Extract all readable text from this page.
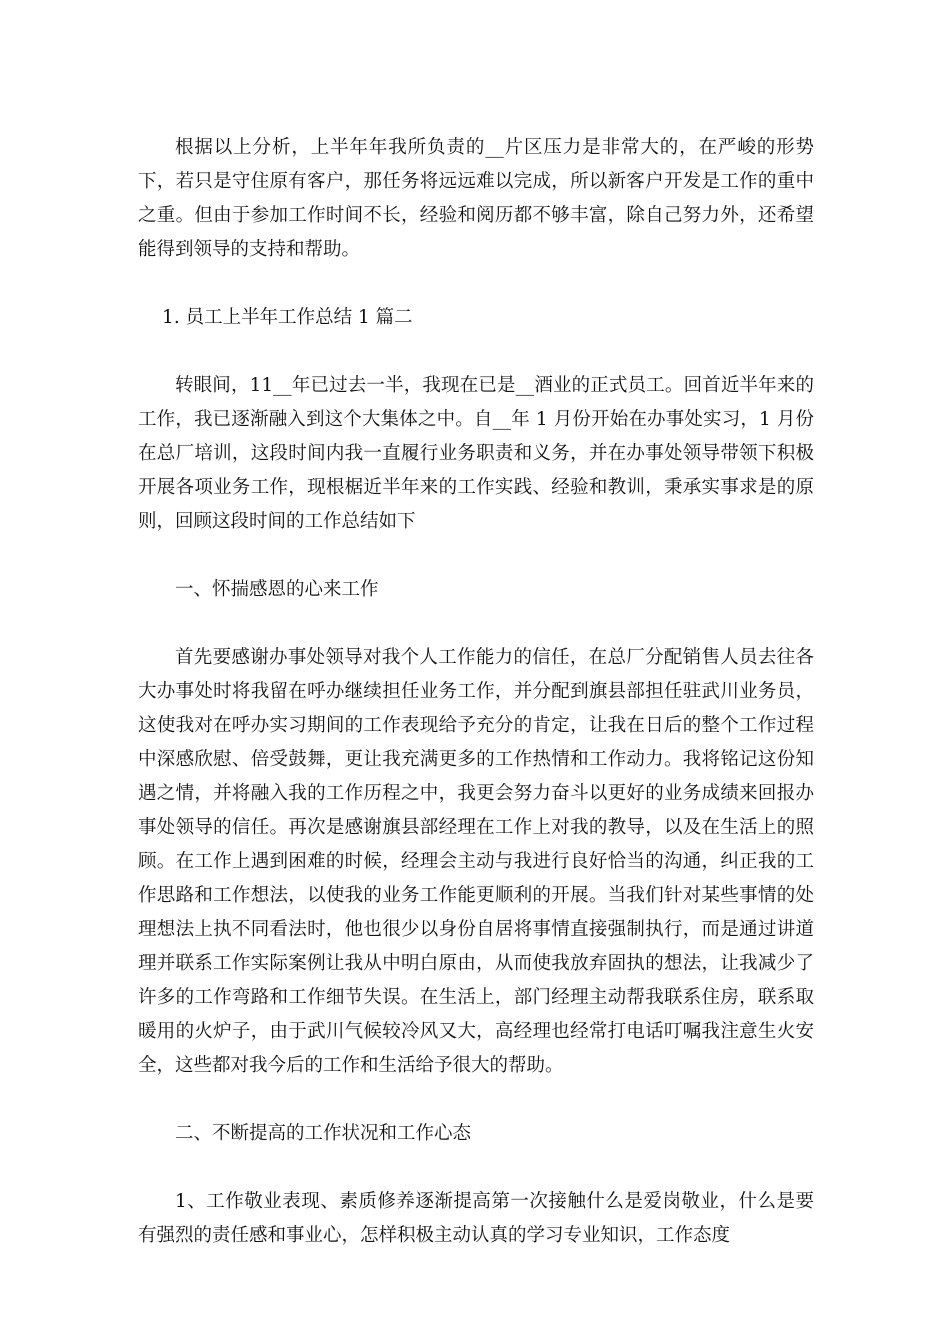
根据以上分析，上半年年我所负责的__片区压力是非常大的，在严峻的形势下，若只是守住原有客户，那任务将远远难以完成，所以新客户开发是工作的重中之重。但由于参加工作时间不长，经验和阅历都不够丰富，除自己努力外，还希望能得到领导的支持和帮助。

1. 员工上半年工作总结 1 篇二

转眼间，11__年已过去一半，我现在已是__酒业的正式员工。回首近半年来的工作，我已逐渐融入到这个大集体之中。自__年 1 月份开始在办事处实习，1 月份在总厂培训，这段时间内我一直履行业务职责和义务，并在办事处领导带领下积极开展各项业务工作，现根椐近半年来的工作实践、经验和教训，秉承实事求是的原则，回顾这段时间的工作总结如下

一、怀揣感恩的心来工作

首先要感谢办事处领导对我个人工作能力的信任，在总厂分配销售人员去往各大办事处时将我留在呼办继续担任业务工作，并分配到旗县部担任驻武川业务员，这使我对在呼办实习期间的工作表现给予充分的肯定，让我在日后的整个工作过程中深感欣慰、倍受鼓舞，更让我充满更多的工作热情和工作动力。我将铭记这份知遇之情，并将融入我的工作历程之中，我更会努力奋斗以更好的业务成绩来回报办事处领导的信任。再次是感谢旗县部经理在工作上对我的教导，以及在生活上的照顾。在工作上遇到困难的时候，经理会主动与我进行良好恰当的沟通，纠正我的工作思路和工作想法，以使我的业务工作能更顺利的开展。当我们针对某些事情的处理想法上执不同看法时，他也很少以身份自居将事情直接强制执行，而是通过讲道理并联系工作实际案例让我从中明白原由，从而使我放弃固执的想法，让我减少了许多的工作弯路和工作细节失误。在生活上，部门经理主动帮我联系住房，联系取暖用的火炉子，由于武川气候较冷风又大，高经理也经常打电话叮嘱我注意生火安全，这些都对我今后的工作和生活给予很大的帮助。

二、不断提高的工作状况和工作心态

1、工作敬业表现、素质修养逐渐提高第一次接触什么是爱岗敬业，什么是要有强烈的责任感和事业心，怎样积极主动认真的学习专业知识，工作态度
